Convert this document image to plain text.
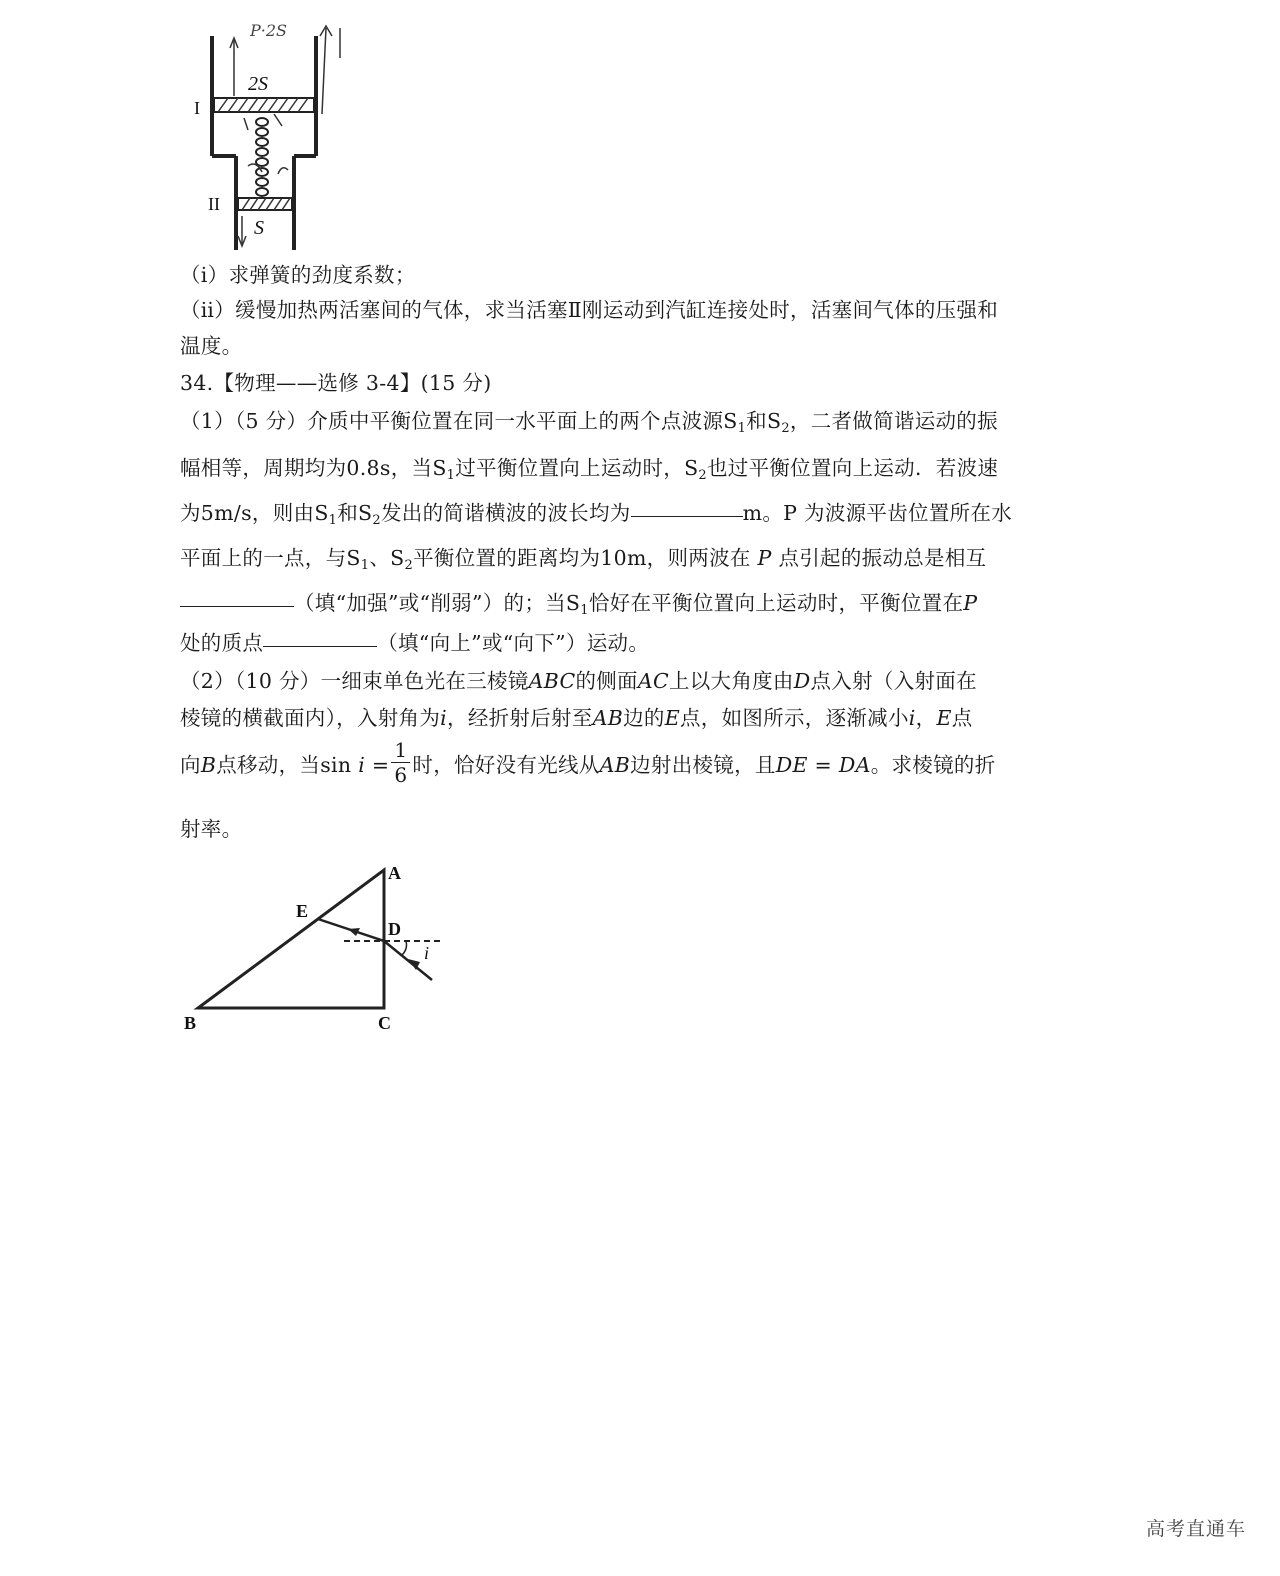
P·2S
I
II
2S
S
（ⅰ）求弹簧的劲度系数；
（ⅱ）缓慢加热两活塞间的气体，求当活塞Ⅱ刚运动到汽缸连接处时，活塞间气体的压强和
温度。
34.【物理——选修 3-4】(15 分)
（1）（5 分）介质中平衡位置在同一水平面上的两个点波源$S_1$和$S_2$，二者做简谐运动的振
幅相等，周期均为0.8s，当$S_1$过平衡位置向上运动时，$S_2$也过平衡位置向上运动．若波速
为5m/s，则由$S_1$和$S_2$发出的简谐横波的波长均为	m。P 为波源平齿位置所在水
平面上的一点，与$S_1$、$S_2$平衡位置的距离均为10m，则两波在 P 点引起的振动总是相互
（填“加强”或“削弱”）的；当$S_1$恰好在平衡位置向上运动时，平衡位置在P
处的质点	（填“向上”或“向下”）运动。
（2）（10 分）一细束单色光在三棱镜ABC的侧面AC上以大角度由D点入射（入射面在
棱镜的横截面内），入射角为i，经折射后射至AB边的E点，如图所示，逐渐减小i，E点
向B点移动，当$\sin i = \frac{1}{6}$ 时，恰好没有光线从AB边射出棱镜，且DE = DA。求棱镜的折
射率。
A
B	C
D
E
i
高考直通车
